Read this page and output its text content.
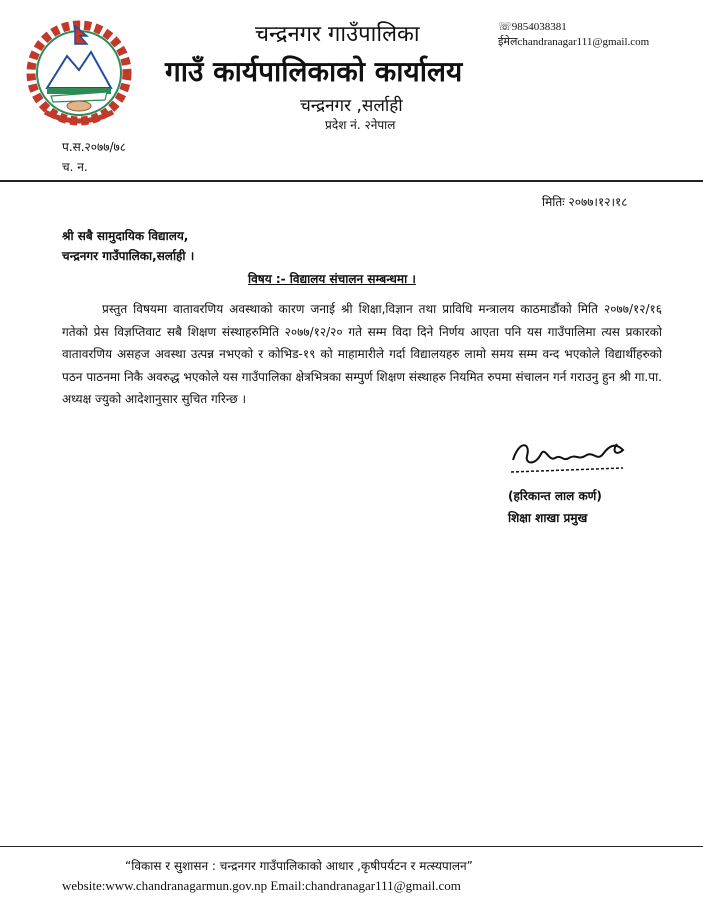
चन्द्रनगर गाउँपालिका
गाउँ कार्यपालिकाको कार्यालय
चन्द्रनगर ,सर्लाही
प्रदेश नं. २नेपाल
☏9854038381
ईमेलchandranagar111@gmail.com
प.स.२०७७/७८
च. न.
मितिः २०७७।१२।१८
श्री सबै सामुदायिक विद्यालय,
चन्द्रनगर गाउँपालिका,सर्लाही ।
विषय :- विद्यालय संचालन सम्बन्धमा ।
प्रस्तुत विषयमा वातावरणिय अवस्थाको कारण जनाई श्री शिक्षा,विज्ञान तथा प्राविधि मन्त्रालय काठमाडौंको मिति २०७७/१२/१६ गतेको प्रेस विज्ञप्तिवाट सबै शिक्षण संस्थाहरुमिति २०७७/१२/२० गते सम्म विदा दिने निर्णय आएता पनि यस गाउँपालिमा त्यस प्रकारको वातावरणिय असहज अवस्था उत्पन्न नभएको र कोभिड-१९ को माहामारीले गर्दा विद्यालयहरु लामो समय सम्म वन्द भएकोले विद्यार्थीहरुको पठन पाठनमा निकै अवरुद्ध भएकोले यस गाउँपालिका क्षेत्रभित्रका सम्पुर्ण शिक्षण संस्थाहरु नियमित रुपमा संचालन गर्न गराउनु हुन श्री गा.पा. अध्यक्ष ज्युको आदेशानुसार सुचित गरिन्छ ।
(हरिकान्त लाल कर्ण)
शिक्षा शाखा प्रमुख
“विकास र सुशासन : चन्द्रनगर गाउँपालिकाको आधार ,कृषीपर्यटन र मत्स्यपालन”
website:www.chandranagarmun.gov.np Email:chandranagar111@gmail.com
